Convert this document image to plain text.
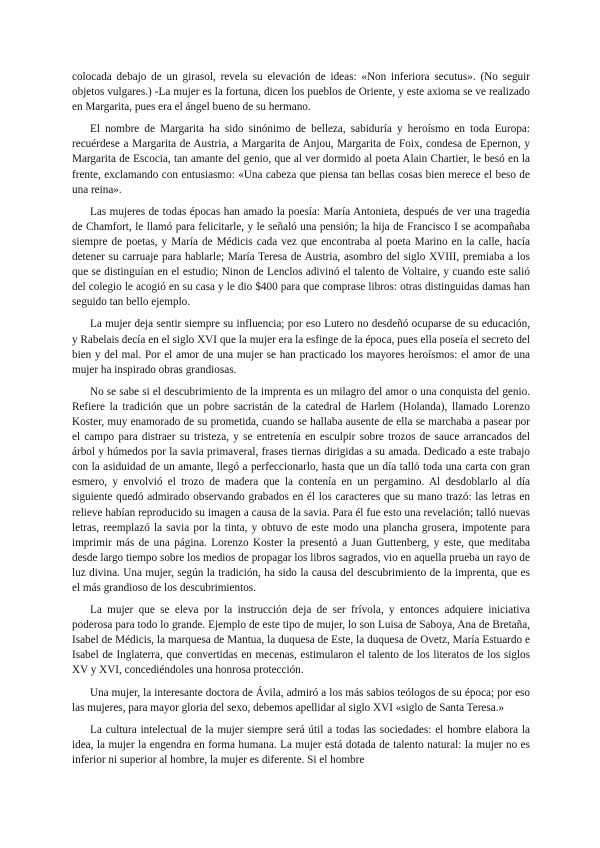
colocada debajo de un girasol, revela su elevación de ideas: «Non inferiora secutus». (No seguir objetos vulgares.) -La mujer es la fortuna, dicen los pueblos de Oriente, y este axioma se ve realizado en Margarita, pues era el ángel bueno de su hermano.

El nombre de Margarita ha sido sinónimo de belleza, sabiduría y heroísmo en toda Europa: recuérdese a Margarita de Austria, a Margarita de Anjou, Margarita de Foix, condesa de Epernon, y Margarita de Escocia, tan amante del genio, que al ver dormido al poeta Alain Chartier, le besó en la frente, exclamando con entusiasmo: «Una cabeza que piensa tan bellas cosas bien merece el beso de una reina».

Las mujeres de todas épocas han amado la poesía: María Antonieta, después de ver una tragedia de Chamfort, le llamó para felicitarle, y le señaló una pensión; la hija de Francisco I se acompañaba siempre de poetas, y María de Médicis cada vez que encontraba al poeta Marino en la calle, hacía detener su carruaje para hablarle; María Teresa de Austria, asombro del siglo XVIII, premiaba a los que se distinguían en el estudio; Ninon de Lenclos adivinó el talento de Voltaire, y cuando este salió del colegio le acogió en su casa y le dio $400 para que comprase libros: otras distinguidas damas han seguido tan bello ejemplo.

La mujer deja sentir siempre su influencia; por eso Lutero no desdeñó ocuparse de su educación, y Rabelais decía en el siglo XVI que la mujer era la esfinge de la época, pues ella poseía el secreto del bien y del mal. Por el amor de una mujer se han practicado los mayores heroísmos: el amor de una mujer ha inspirado obras grandiosas.

No se sabe si el descubrimiento de la imprenta es un milagro del amor o una conquista del genio. Refiere la tradición que un pobre sacristán de la catedral de Harlem (Holanda), llamado Lorenzo Koster, muy enamorado de su prometida, cuando se hallaba ausente de ella se marchaba a pasear por el campo para distraer su tristeza, y se entretenía en esculpir sobre trozos de sauce arrancados del árbol y húmedos por la savia primaveral, frases tiernas dirigidas a su amada. Dedicado a este trabajo con la asiduidad de un amante, llegó a perfeccionarlo, hasta que un día talló toda una carta con gran esmero, y envolvió el trozo de madera que la contenía en un pergamino. Al desdoblarlo al día siguiente quedó admirado observando grabados en él los caracteres que su mano trazó: las letras en relieve habían reproducido su imagen a causa de la savia. Para él fue esto una revelación; talló nuevas letras, reemplazó la savia por la tinta, y obtuvo de este modo una plancha grosera, impotente para imprimir más de una página. Lorenzo Koster la presentó a Juan Guttenberg, y este, que meditaba desde largo tiempo sobre los medios de propagar los libros sagrados, vio en aquella prueba un rayo de luz divina. Una mujer, según la tradición, ha sido la causa del descubrimiento de la imprenta, que es el más grandioso de los descubrimientos.

La mujer que se eleva por la instrucción deja de ser frívola, y entonces adquiere iniciativa poderosa para todo lo grande. Ejemplo de este tipo de mujer, lo son Luisa de Saboya, Ana de Bretaña, Isabel de Médicis, la marquesa de Mantua, la duquesa de Este, la duquesa de Ovetz, María Estuardo e Isabel de Inglaterra, que convertidas en mecenas, estimularon el talento de los literatos de los siglos XV y XVI, concediéndoles una honrosa protección.

Una mujer, la interesante doctora de Ávila, admiró a los más sabios teólogos de su época; por eso las mujeres, para mayor gloria del sexo, debemos apellidar al siglo XVI «siglo de Santa Teresa.»

La cultura intelectual de la mujer siempre será útil a todas las sociedades: el hombre elabora la idea, la mujer la engendra en forma humana. La mujer está dotada de talento natural: la mujer no es inferior ni superior al hombre, la mujer es diferente. Si el hombre
